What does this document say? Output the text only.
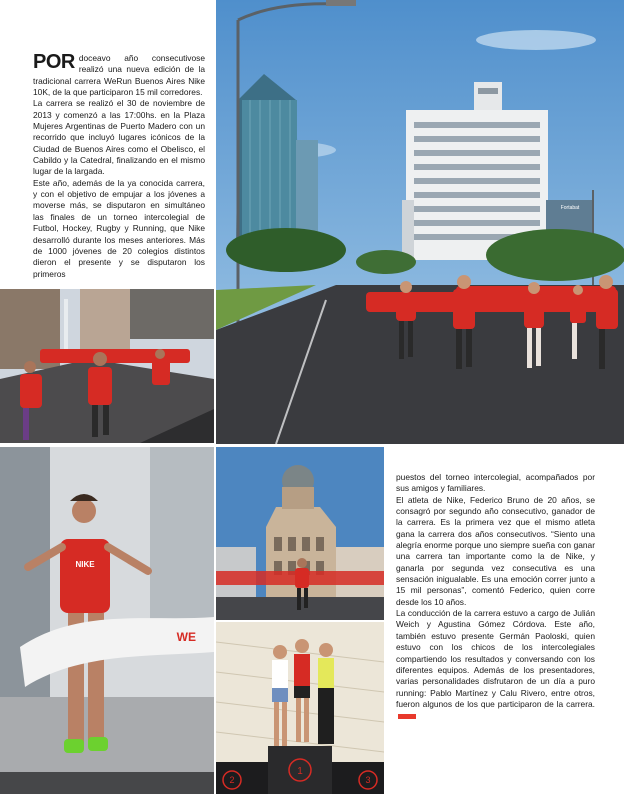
POR doceavo año consecutivose realizó una nueva edición de la tradicional carrera WeRun Buenos Aires Nike 10K, de la que participaron 15 mil corredores.

La carrera se realizó el 30 de noviembre de 2013 y comenzó a las 17:00hs. en la Plaza Mujeres Argentinas de Puerto Madero con un recorrido que incluyó lugares icónicos de la Ciudad de Buenos Aires como el Obelisco, el Cabildo y la Catedral, finalizando en el mismo lugar de la largada.

Este año, además de la ya conocida carrera, y con el objetivo de empujar a los jóvenes a moverse más, se disputaron en simultáneo las finales de un torneo intercolegial de Futbol, Hockey, Rugby y Running, que Nike desarrolló durante los meses anteriores. Más de 1000 jóvenes de 20 colegios distintos dieron el presente y se disputaron los primeros

Fortabat
NIKE
WE
2
1
3

puestos del torneo intercolegial, acompañados por sus amigos y familiares.

El atleta de Nike, Federico Bruno de 20 años, se consagró por segundo año consecutivo, ganador de la carrera. Es la primera vez que el mismo atleta gana la carrera dos años consecutivos. “Siento una alegría enorme porque uno siempre sueña con ganar una carrera tan importante como la de Nike, y ganarla por segunda vez consecutiva es una sensación inigualable. Es una emoción correr junto a 15 mil personas”, comentó Federico, quien corre desde los 10 años.

La conducción de la carrera estuvo a cargo de Julián Weich y Agustina Gómez Córdova. Este año, también estuvo presente Germán Paoloski, quien estuvo con los chicos de los intercolegiales compartiendo los resultados y conversando con los diferentes equipos. Además de los presentadores, varias personalidades disfrutaron de un día a puro running: Pablo Martínez y Calu Rivero, entre otros, fueron algunos de los que participaron de la carrera.
